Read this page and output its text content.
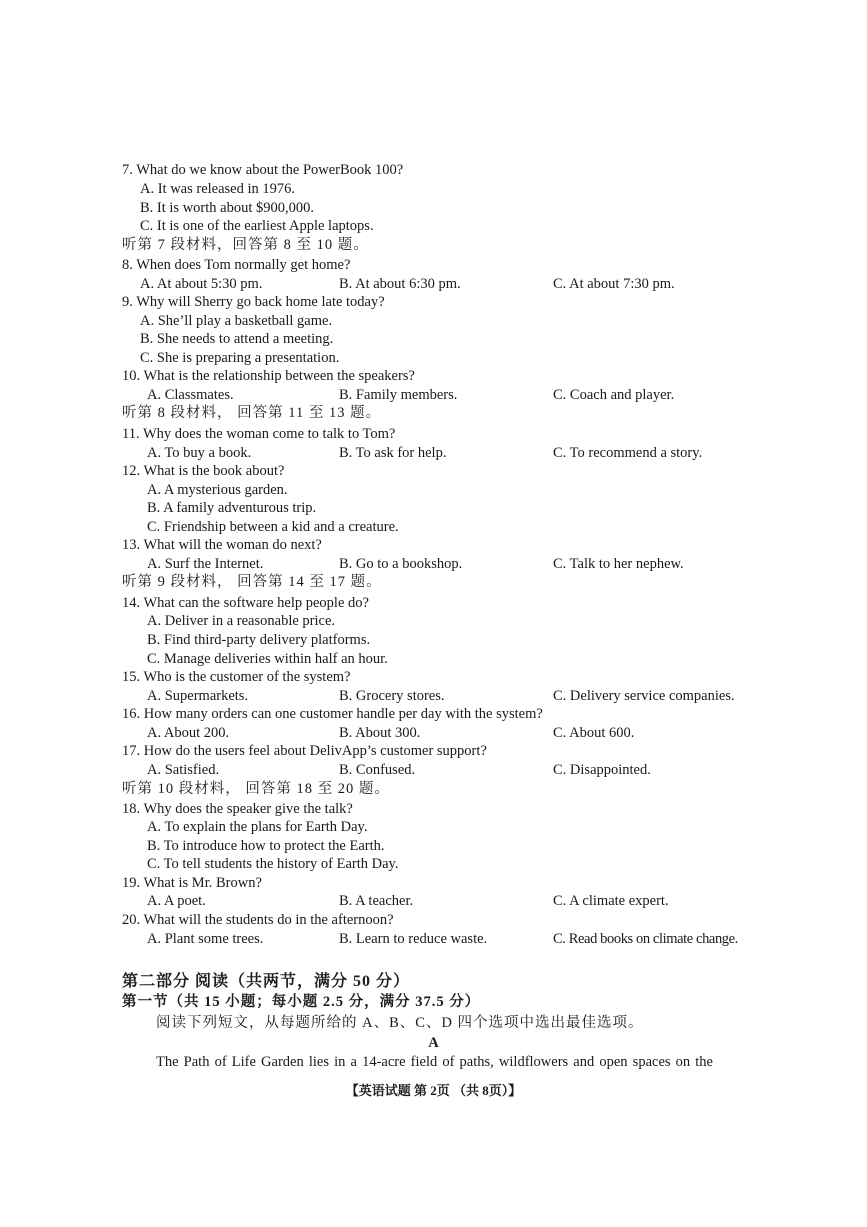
7. What do we know about the PowerBook 100?
A. It was released in 1976.
B. It is worth about $900,000.
C. It is one of the earliest Apple laptops.
听第 7 段材料，回答第 8 至 10 题。
8. When does Tom normally get home?
A. At about 5:30 pm.	B. At about 6:30 pm.	C. At about 7:30 pm.
9. Why will Sherry go back home late today?
A. She’ll play a basketball game.
B. She needs to attend a meeting.
C. She is preparing a presentation.
10. What is the relationship between the speakers?
A. Classmates.	B. Family members.	C. Coach and player.
听第 8 段材料， 回答第 11 至 13 题。
11. Why does the woman come to talk to Tom?
A. To buy a book.	B. To ask for help.	C. To recommend a story.
12. What is the book about?
A. A mysterious garden.
B. A family adventurous trip.
C. Friendship between a kid and a creature.
13. What will the woman do next?
A. Surf the Internet.	B. Go to a bookshop.	C. Talk to her nephew.
听第 9 段材料， 回答第 14 至 17 题。
14. What can the software help people do?
A. Deliver in a reasonable price.
B. Find third-party delivery platforms.
C. Manage deliveries within half an hour.
15. Who is the customer of the system?
A. Supermarkets.	B. Grocery stores.	C. Delivery service companies.
16. How many orders can one customer handle per day with the system?
A. About 200.	B. About 300.	C. About 600.
17. How do the users feel about DelivApp’s customer support?
A. Satisfied.	B. Confused.	C. Disappointed.
听第 10 段材料， 回答第 18 至 20 题。
18. Why does the speaker give the talk?
A. To explain the plans for Earth Day.
B. To introduce how to protect the Earth.
C. To tell students the history of Earth Day.
19. What is Mr. Brown?
A. A poet.	B. A teacher.	C. A climate expert.
20. What will the students do in the afternoon?
A. Plant some trees.	B. Learn to reduce waste.	C. Read books on climate change.
第二部分 阅读（共两节，满分 50 分）
第一节（共 15 小题；每小题 2.5 分，满分 37.5 分）
阅读下列短文，从每题所给的 A、B、C、D 四个选项中选出最佳选项。
A
The Path of Life Garden lies in a 14-acre field of paths, wildflowers and open spaces on the
【英语试题 第 2页 （共 8页）】
